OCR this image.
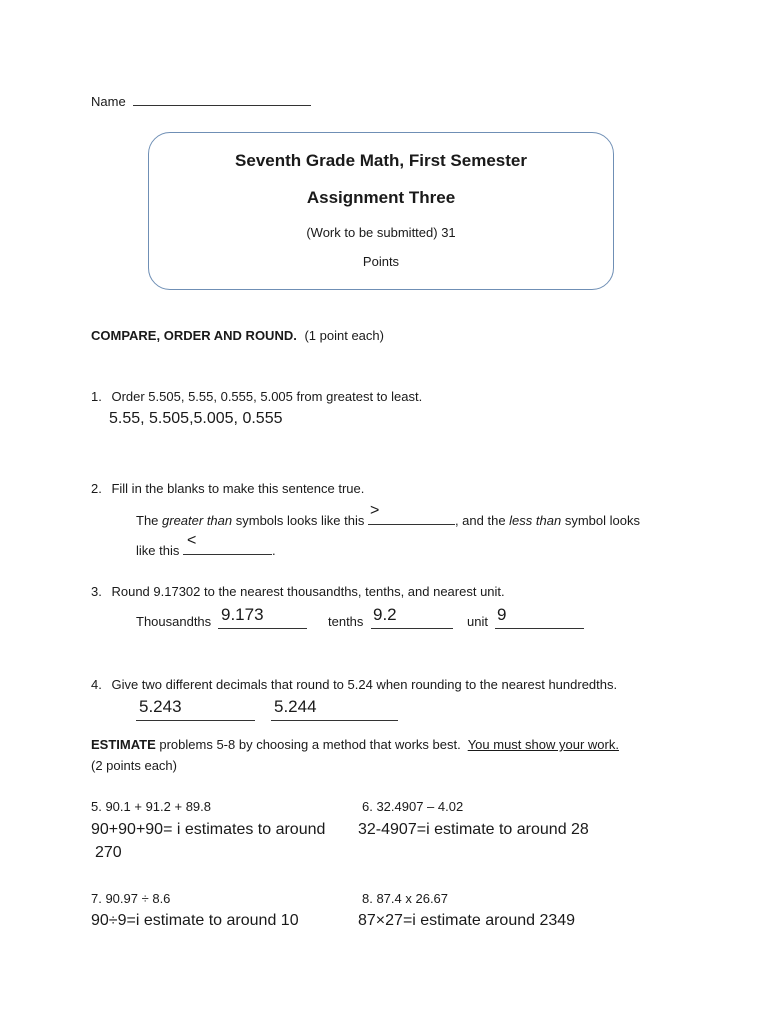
Name
Seventh Grade Math, First Semester
Assignment Three
(Work to be submitted) 31
Points
COMPARE, ORDER AND ROUND. (1 point each)
1. Order 5.505, 5.55, 0.555, 5.005 from greatest to least.
5.55, 5.505,5.005, 0.555
2. Fill in the blanks to make this sentence true.
The greater than symbols looks like this
>
, and the less than symbol looks
like this
<
.
3. Round 9.17302 to the nearest thousandths, tenths, and nearest unit.
Thousandths 9.173	tenths 9.2	unit 9
4. Give two different decimals that round to 5.24 when rounding to the nearest hundredths.
5.243	5.244
ESTIMATE problems 5-8 by choosing a method that works best.  You must show your work.
(2 points each)
5. 90.1 + 91.2 + 89.8
90+90+90= i estimates to around
270
6. 32.4907 – 4.02
32-4907=i estimate to around 28
7. 90.97 ÷ 8.6
90÷9=i estimate to around 10
8. 87.4 x 26.67
87×27=i estimate around 2349
